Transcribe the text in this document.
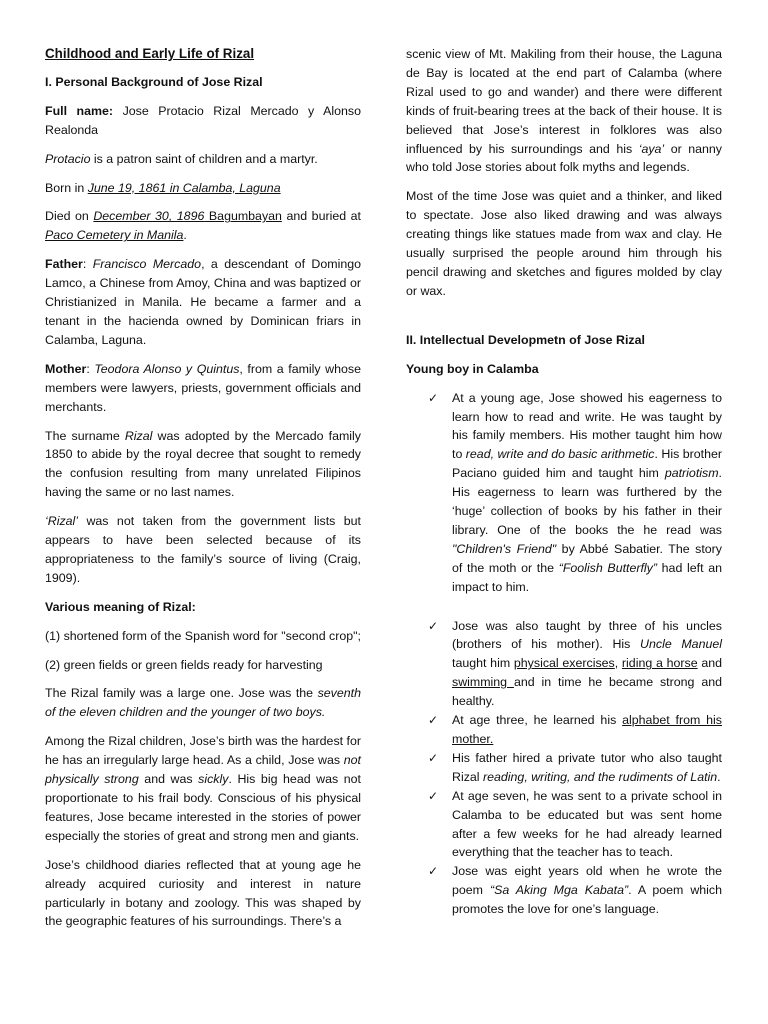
Childhood and Early Life of Rizal

I. Personal Background of Jose Rizal

Full name: Jose Protacio Rizal Mercado y Alonso Realonda

Protacio is a patron saint of children and a martyr.

Born in June 19, 1861 in Calamba, Laguna

Died on December 30, 1896 Bagumbayan and buried at Paco Cemetery in Manila.

Father: Francisco Mercado, a descendant of Domingo Lamco, a Chinese from Amoy, China and was baptized or Christianized in Manila. He became a farmer and a tenant in the hacienda owned by Dominican friars in Calamba, Laguna.

Mother: Teodora Alonso y Quintus, from a family whose members were lawyers, priests, government officials and merchants.

The surname Rizal was adopted by the Mercado family 1850 to abide by the royal decree that sought to remedy the confusion resulting from many unrelated Filipinos having the same or no last names.

‘Rizal’ was not taken from the government lists but appears to have been selected because of its appropriateness to the family’s source of living (Craig, 1909).

Various meaning of Rizal:

(1) shortened form of the Spanish word for "second crop";

(2) green fields or green fields ready for harvesting

The Rizal family was a large one. Jose was the seventh of the eleven children and the younger of two boys.

Among the Rizal children, Jose’s birth was the hardest for he has an irregularly large head. As a child, Jose was not physically strong and was sickly. His big head was not proportionate to his frail body. Conscious of his physical features, Jose became interested in the stories of power especially the stories of great and strong men and giants.

Jose’s childhood diaries reflected that at young age he already acquired curiosity and interest in nature particularly in botany and zoology. This was shaped by the geographic features of his surroundings. There’s a

scenic view of Mt. Makiling from their house, the Laguna de Bay is located at the end part of Calamba (where Rizal used to go and wander) and there were different kinds of fruit-bearing trees at the back of their house. It is believed that Jose’s interest in folklores was also influenced by his surroundings and his ‘aya’ or nanny who told Jose stories about folk myths and legends.

Most of the time Jose was quiet and a thinker, and liked to spectate. Jose also liked drawing and was always creating things like statues made from wax and clay. He usually surprised the people around him through his pencil drawing and sketches and figures molded by clay or wax.

II. Intellectual Developmetn of Jose Rizal

Young boy in Calamba

✓ At a young age, Jose showed his eagerness to learn how to read and write. He was taught by his family members. His mother taught him how to read, write and do basic arithmetic. His brother Paciano guided him and taught him patriotism. His eagerness to learn was furthered by the ‘huge’ collection of books by his father in their library. One of the books the he read was "Children's Friend" by Abbé Sabatier. The story of the moth or the “Foolish Butterfly” had left an impact to him.
✓ Jose was also taught by three of his uncles (brothers of his mother). His Uncle Manuel taught him physical exercises, riding a horse and swimming and in time he became strong and healthy.
✓ At age three, he learned his alphabet from his mother.
✓ His father hired a private tutor who also taught Rizal reading, writing, and the rudiments of Latin.
✓ At age seven, he was sent to a private school in Calamba to be educated but was sent home after a few weeks for he had already learned everything that the teacher has to teach.
✓ Jose was eight years old when he wrote the poem “Sa Aking Mga Kabata”. A poem which promotes the love for one’s language.
